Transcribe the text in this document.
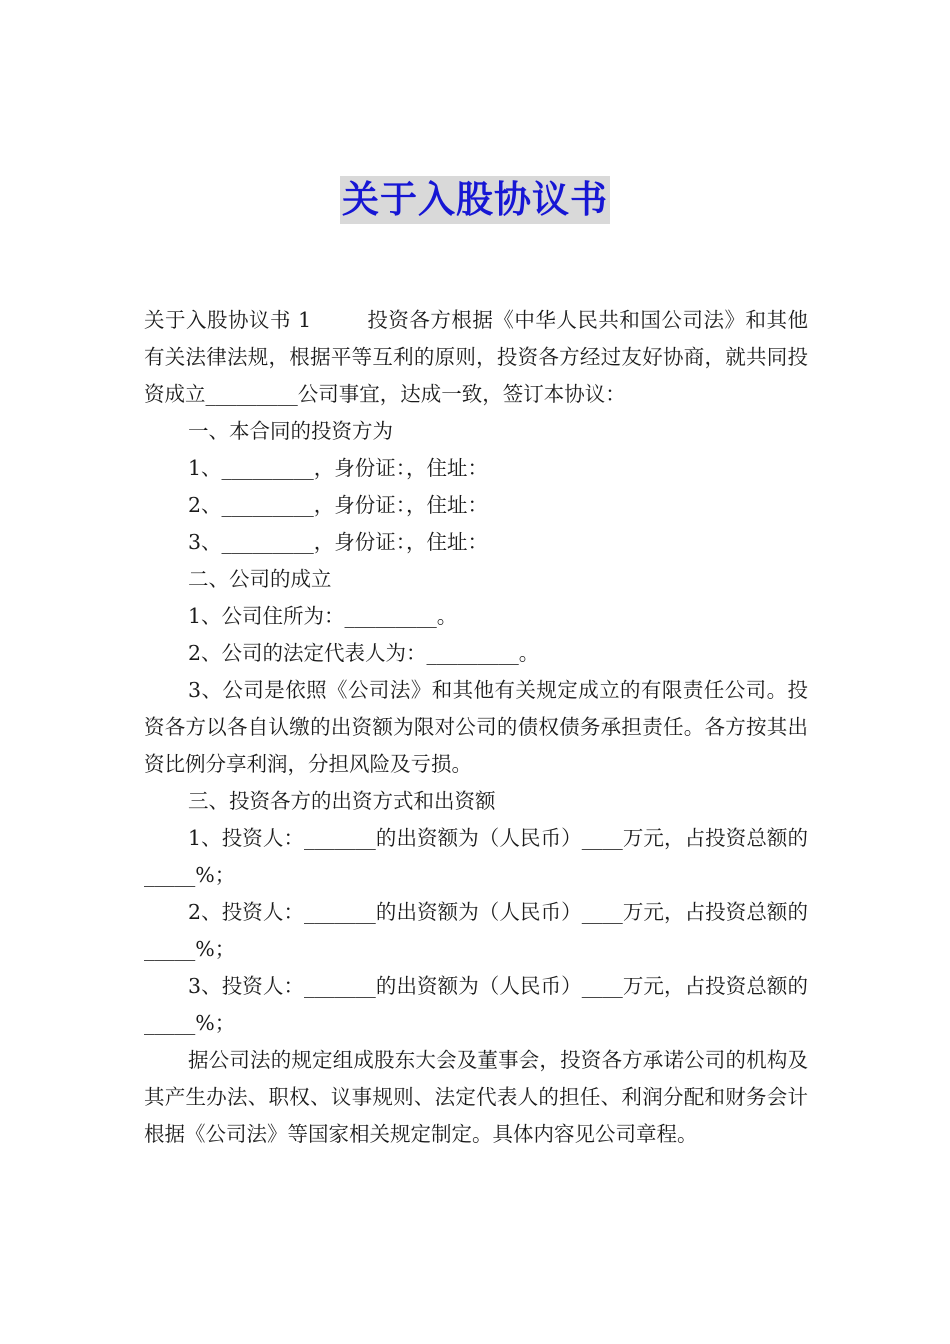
关于入股协议书

关于入股协议书 1        投资各方根据《中华人民共和国公司法》和其他有关法律法规，根据平等互利的原则，投资各方经过友好协商，就共同投资成立_________公司事宜，达成一致，签订本协议：

一、本合同的投资方为

1、_________，身份证：，住址：

2、_________，身份证：，住址：

3、_________，身份证：，住址：

二、公司的成立

1、公司住所为：_________。

2、公司的法定代表人为：_________。

3、公司是依照《公司法》和其他有关规定成立的有限责任公司。投资各方以各自认缴的出资额为限对公司的债权债务承担责任。各方按其出资比例分享利润，分担风险及亏损。

三、投资各方的出资方式和出资额

1、投资人：_______的出资额为（人民币）____万元，占投资总额的_____%；

2、投资人：_______的出资额为（人民币）____万元，占投资总额的_____%；

3、投资人：_______的出资额为（人民币）____万元，占投资总额的_____%；

据公司法的规定组成股东大会及董事会，投资各方承诺公司的机构及其产生办法、职权、议事规则、法定代表人的担任、利润分配和财务会计根据《公司法》等国家相关规定制定。具体内容见公司章程。
